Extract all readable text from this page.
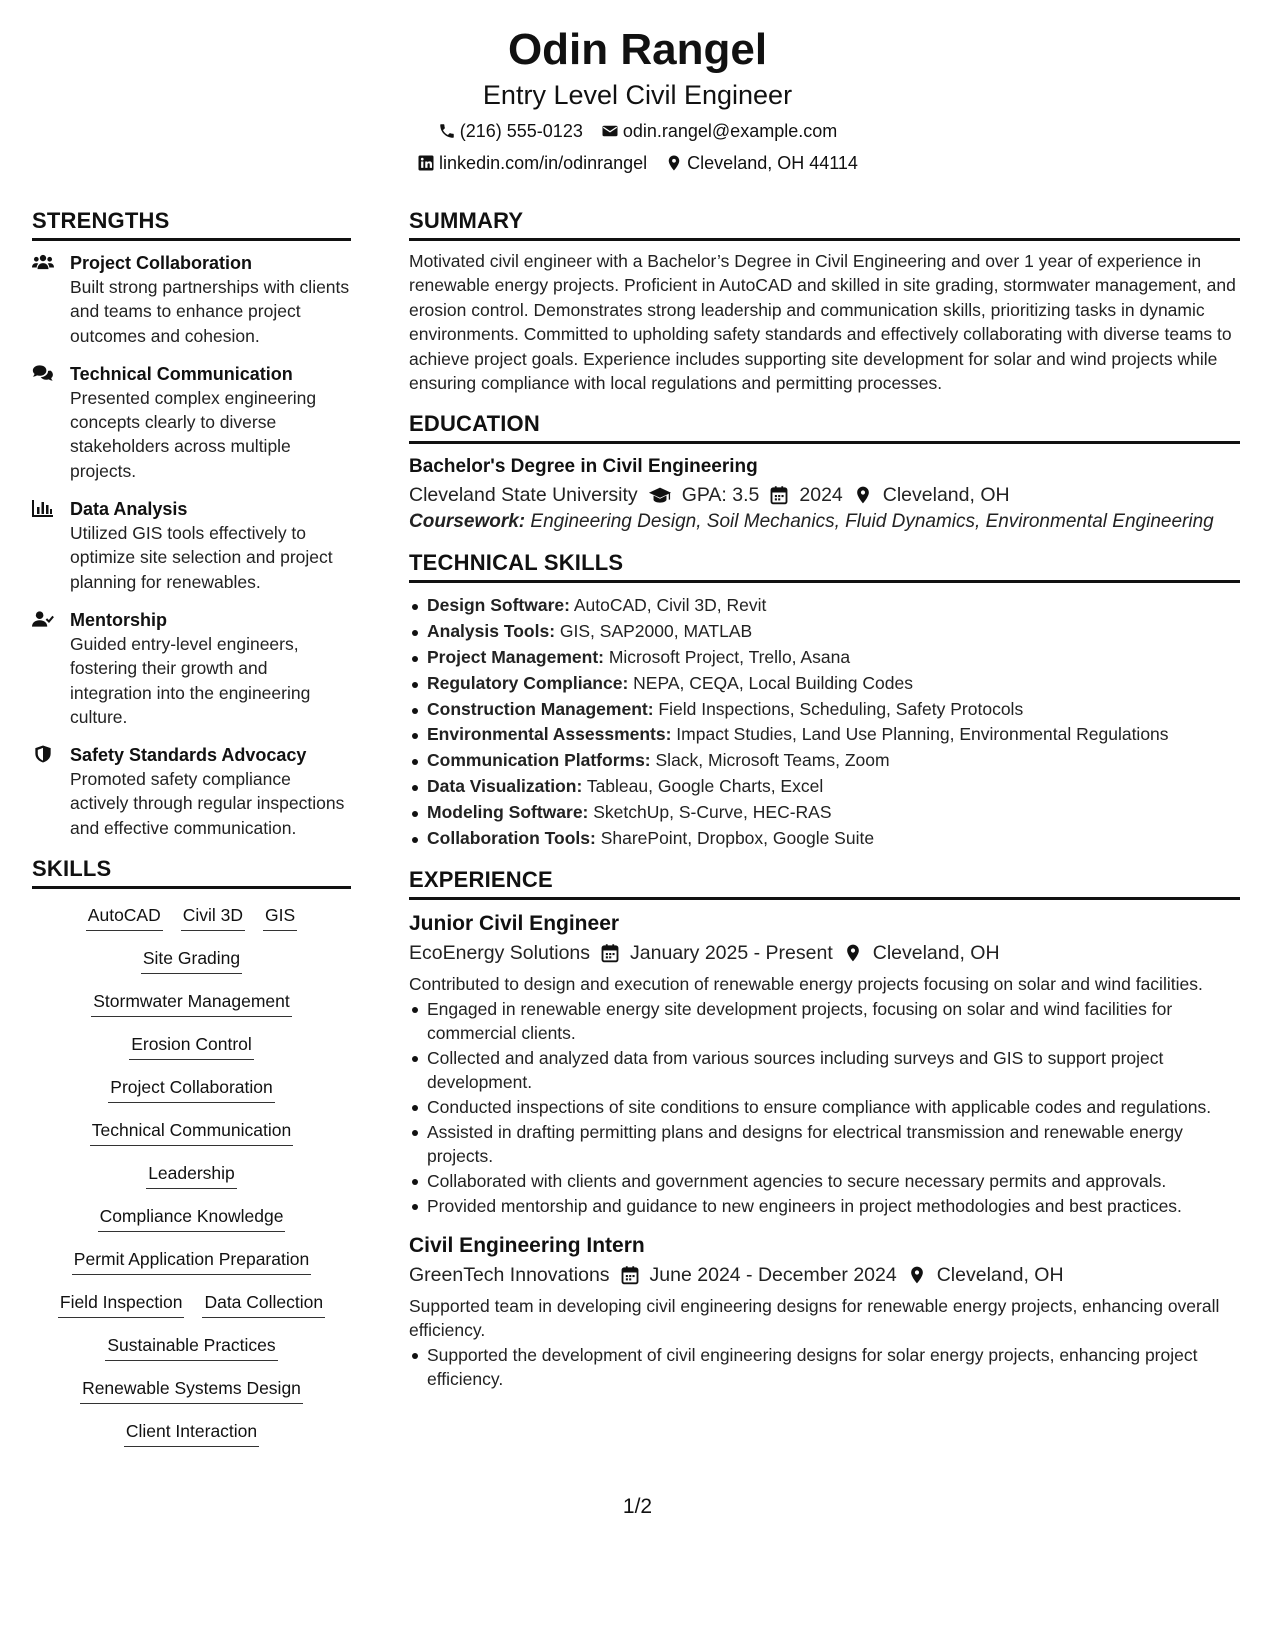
Odin Rangel
Entry Level Civil Engineer
(216) 555-0123 odin.rangel@example.com
linkedin.com/in/odinrangel Cleveland, OH 44114
STRENGTHS
Project Collaboration
Built strong partnerships with clients and teams to enhance project outcomes and cohesion.
Technical Communication
Presented complex engineering concepts clearly to diverse stakeholders across multiple projects.
Data Analysis
Utilized GIS tools effectively to optimize site selection and project planning for renewables.
Mentorship
Guided entry-level engineers, fostering their growth and integration into the engineering culture.
Safety Standards Advocacy
Promoted safety compliance actively through regular inspections and effective communication.
SKILLS
AutoCAD Civil 3D GIS
Site Grading
Stormwater Management
Erosion Control
Project Collaboration
Technical Communication
Leadership
Compliance Knowledge
Permit Application Preparation
Field Inspection Data Collection
Sustainable Practices
Renewable Systems Design
Client Interaction
SUMMARY
Motivated civil engineer with a Bachelor’s Degree in Civil Engineering and over 1 year of experience in renewable energy projects. Proficient in AutoCAD and skilled in site grading, stormwater management, and erosion control. Demonstrates strong leadership and communication skills, prioritizing tasks in dynamic environments. Committed to upholding safety standards and effectively collaborating with diverse teams to achieve project goals. Experience includes supporting site development for solar and wind projects while ensuring compliance with local regulations and permitting processes.
EDUCATION
Bachelor's Degree in Civil Engineering
Cleveland State University GPA: 3.5 2024 Cleveland, OH
Coursework: Engineering Design, Soil Mechanics, Fluid Dynamics, Environmental Engineering
TECHNICAL SKILLS
Design Software: AutoCAD, Civil 3D, Revit
Analysis Tools: GIS, SAP2000, MATLAB
Project Management: Microsoft Project, Trello, Asana
Regulatory Compliance: NEPA, CEQA, Local Building Codes
Construction Management: Field Inspections, Scheduling, Safety Protocols
Environmental Assessments: Impact Studies, Land Use Planning, Environmental Regulations
Communication Platforms: Slack, Microsoft Teams, Zoom
Data Visualization: Tableau, Google Charts, Excel
Modeling Software: SketchUp, S-Curve, HEC-RAS
Collaboration Tools: SharePoint, Dropbox, Google Suite
EXPERIENCE
Junior Civil Engineer
EcoEnergy Solutions January 2025 - Present Cleveland, OH
Contributed to design and execution of renewable energy projects focusing on solar and wind facilities.
Engaged in renewable energy site development projects, focusing on solar and wind facilities for commercial clients.
Collected and analyzed data from various sources including surveys and GIS to support project development.
Conducted inspections of site conditions to ensure compliance with applicable codes and regulations.
Assisted in drafting permitting plans and designs for electrical transmission and renewable energy projects.
Collaborated with clients and government agencies to secure necessary permits and approvals.
Provided mentorship and guidance to new engineers in project methodologies and best practices.
Civil Engineering Intern
GreenTech Innovations June 2024 - December 2024 Cleveland, OH
Supported team in developing civil engineering designs for renewable energy projects, enhancing overall efficiency.
Supported the development of civil engineering designs for solar energy projects, enhancing project efficiency.
1/2
